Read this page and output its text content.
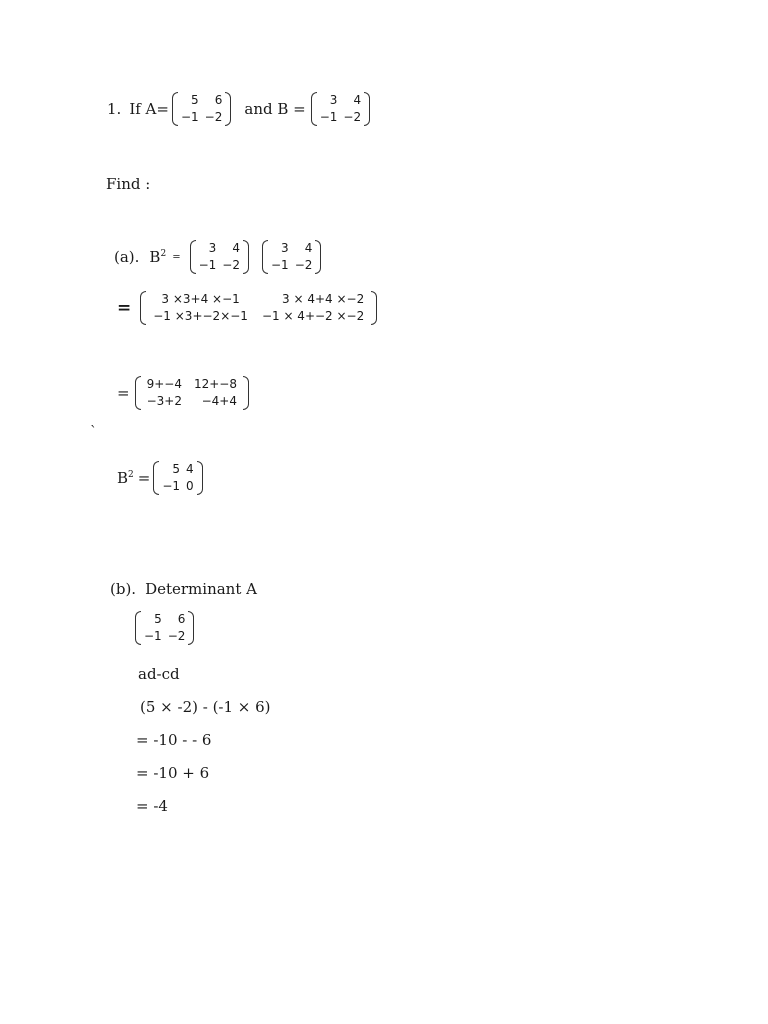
1. If A= 5	6
−1	−2 and B = 3	4
−1	−2
Find :
(a). $B^2$ =
3	4
−1	−2
3	4
−1	−2
=	3 ×3+4 ×−1	3 × 4+4 ×−2
−1 ×3+−2×−1	−1 × 4+−2 ×−2
= 9+−4	12+−8
−3+2	−4+4
`
$B^2 = 5$	4
−1	0
(b). Determinant A
5	6
−1	−2
ad-cd
(5 × -2) - (-1 × 6)
= -10 - - 6
= -10 + 6
= -4
